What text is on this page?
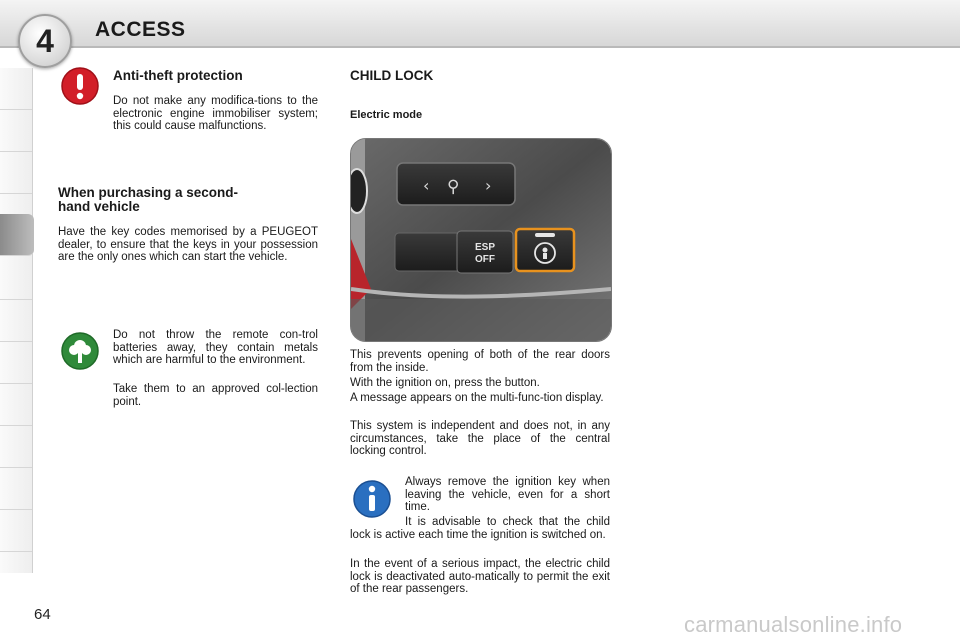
4	ACCESS
Anti-theft protection

Do not make any modifica-tions to the electronic engine immobiliser system; this could cause malfunctions.

When purchasing a second-
hand vehicle

Have the key codes memorised by a PEUGEOT dealer, to ensure that the keys in your possession are the only ones which can start the vehicle.

Do not throw the remote con-trol batteries away, they contain metals which are harmful to the environment.

Take them to an approved col-lection point.

CHILD LOCK
Electric mode
‹ ⚲ ›
ESP
OFF

This prevents opening of both of the rear doors from the inside.

With the ignition on, press the button.

A message appears on the multi-func-tion display.

This system is independent and does not, in any circumstances, take the place of the central locking control.

Always remove the ignition key when leaving the vehicle, even for a short time.

It is advisable to check that the child lock is active each time the ignition is switched on.

In the event of a serious impact, the electric child lock is deactivated auto-matically to permit the exit of the rear passengers.

64	carmanualsonline.info
